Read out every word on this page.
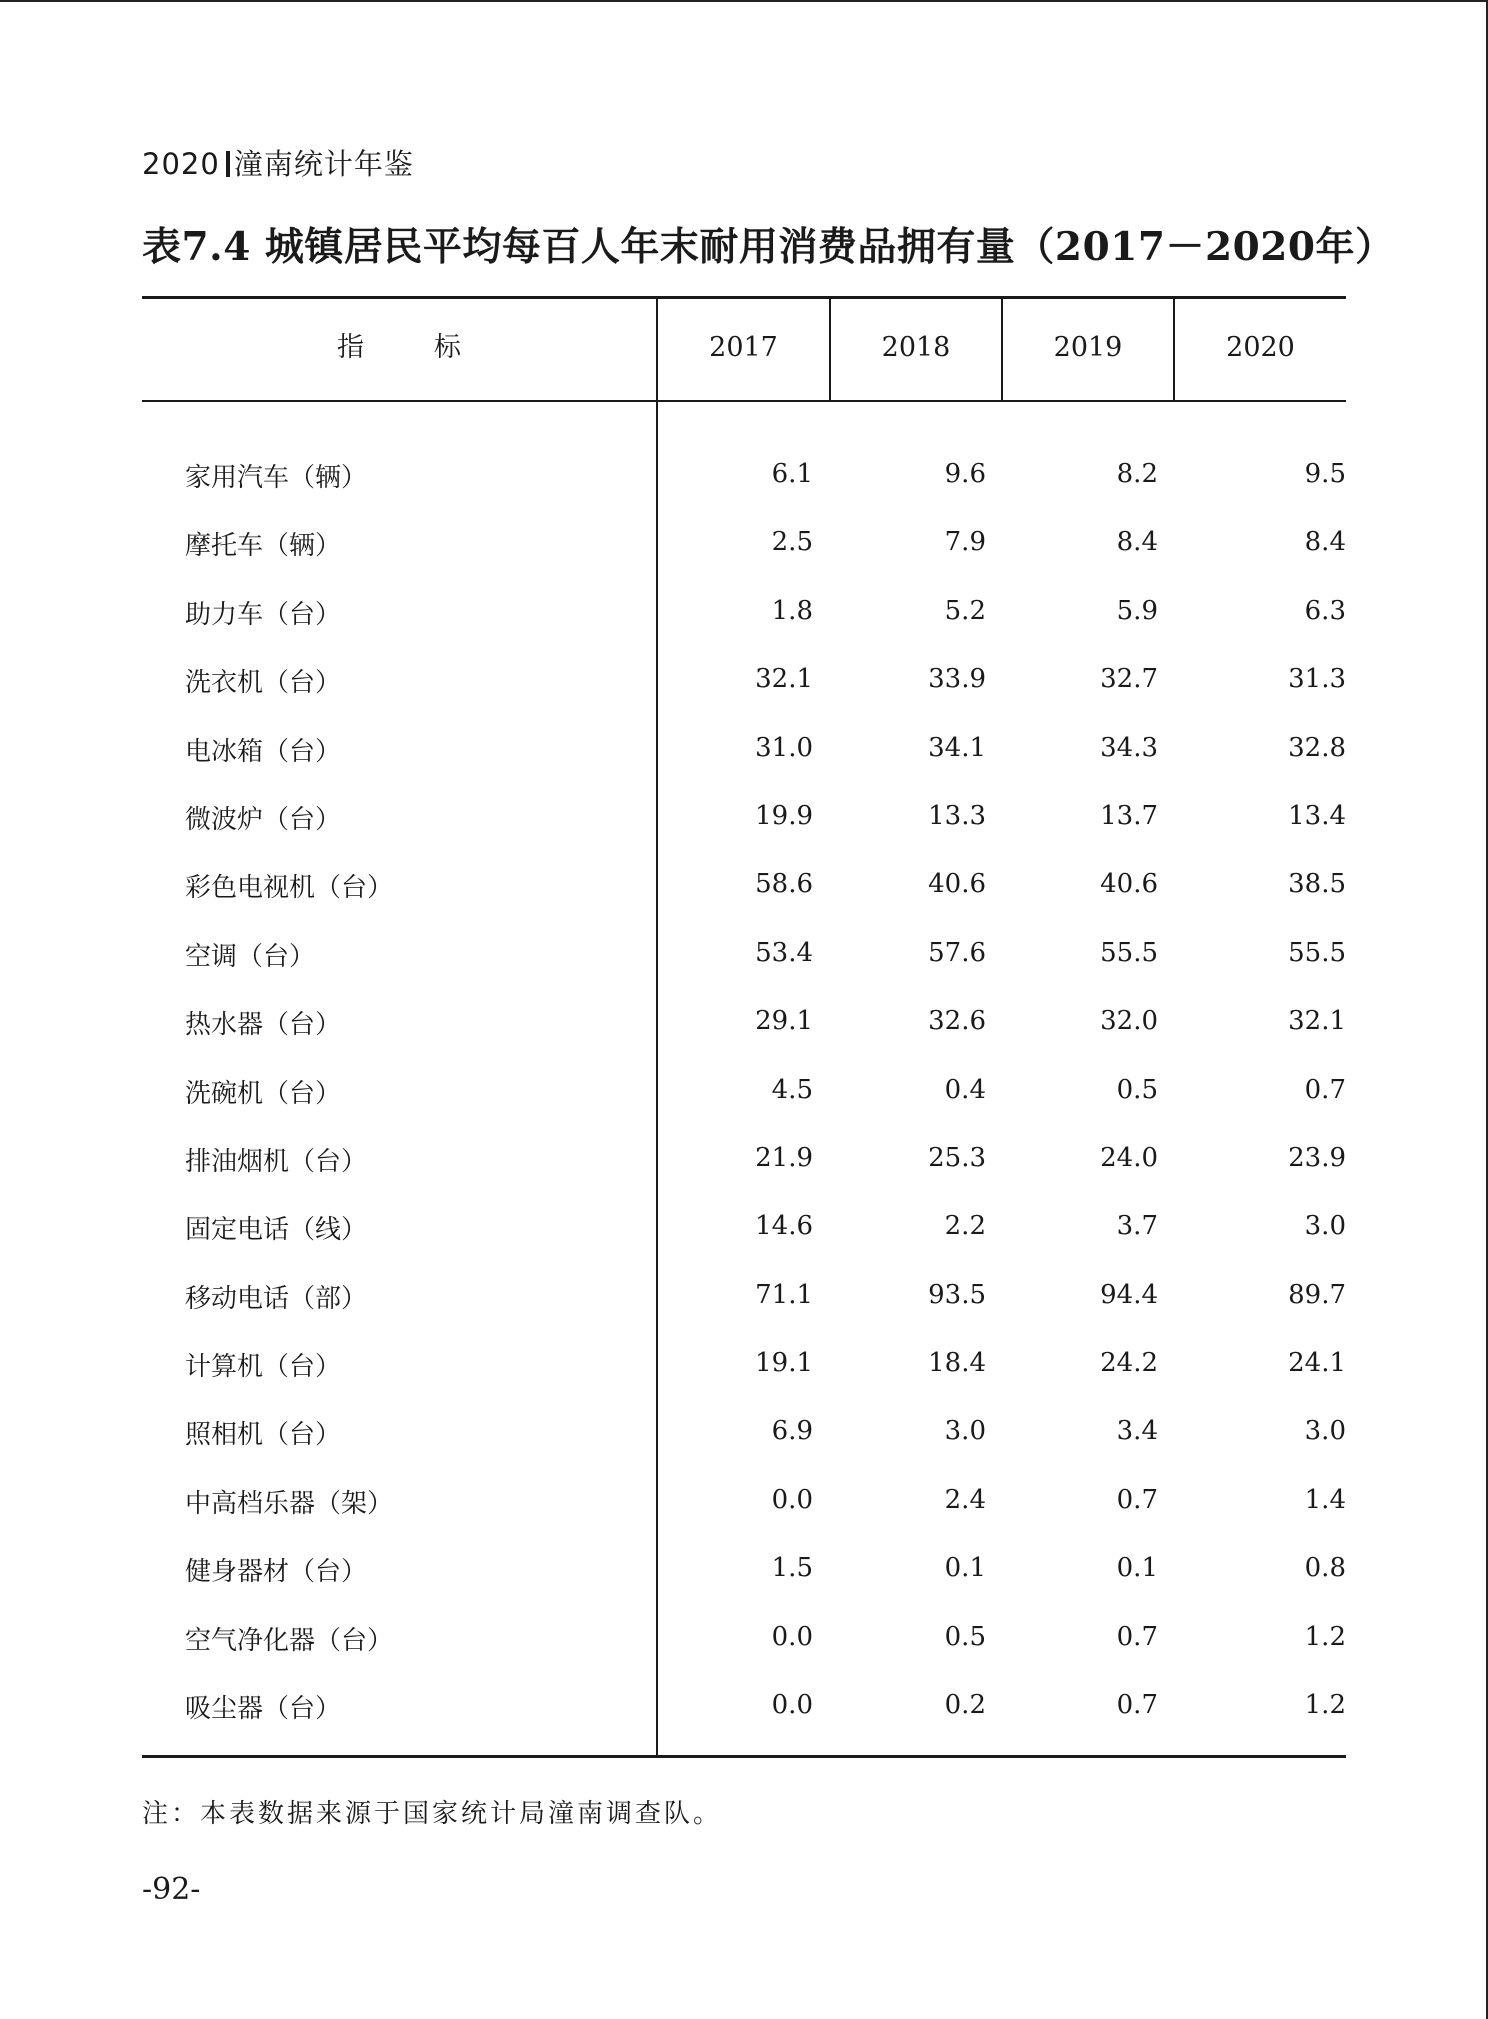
2020 潼南统计年鉴
表7.4 城镇居民平均每百人年末耐用消费品拥有量（2017－2020年）
指	标	2017	2018	2019	2020
家用汽车（辆）	6.1	9.6	8.2	9.5
摩托车（辆）	2.5	7.9	8.4	8.4
助力车（台）	1.8	5.2	5.9	6.3
洗衣机（台）	32.1	33.9	32.7	31.3
电冰箱（台）	31.0	34.1	34.3	32.8
微波炉（台）	19.9	13.3	13.7	13.4
彩色电视机（台）	58.6	40.6	40.6	38.5
空调（台）	53.4	57.6	55.5	55.5
热水器（台）	29.1	32.6	32.0	32.1
洗碗机（台）	4.5	0.4	0.5	0.7
排油烟机（台）	21.9	25.3	24.0	23.9
固定电话（线）	14.6	2.2	3.7	3.0
移动电话（部）	71.1	93.5	94.4	89.7
计算机（台）	19.1	18.4	24.2	24.1
照相机（台）	6.9	3.0	3.4	3.0
中高档乐器（架）	0.0	2.4	0.7	1.4
健身器材（台）	1.5	0.1	0.1	0.8
空气净化器（台）	0.0	0.5	0.7	1.2
吸尘器（台）	0.0	0.2	0.7	1.2
注：本表数据来源于国家统计局潼南调查队。
-92-
